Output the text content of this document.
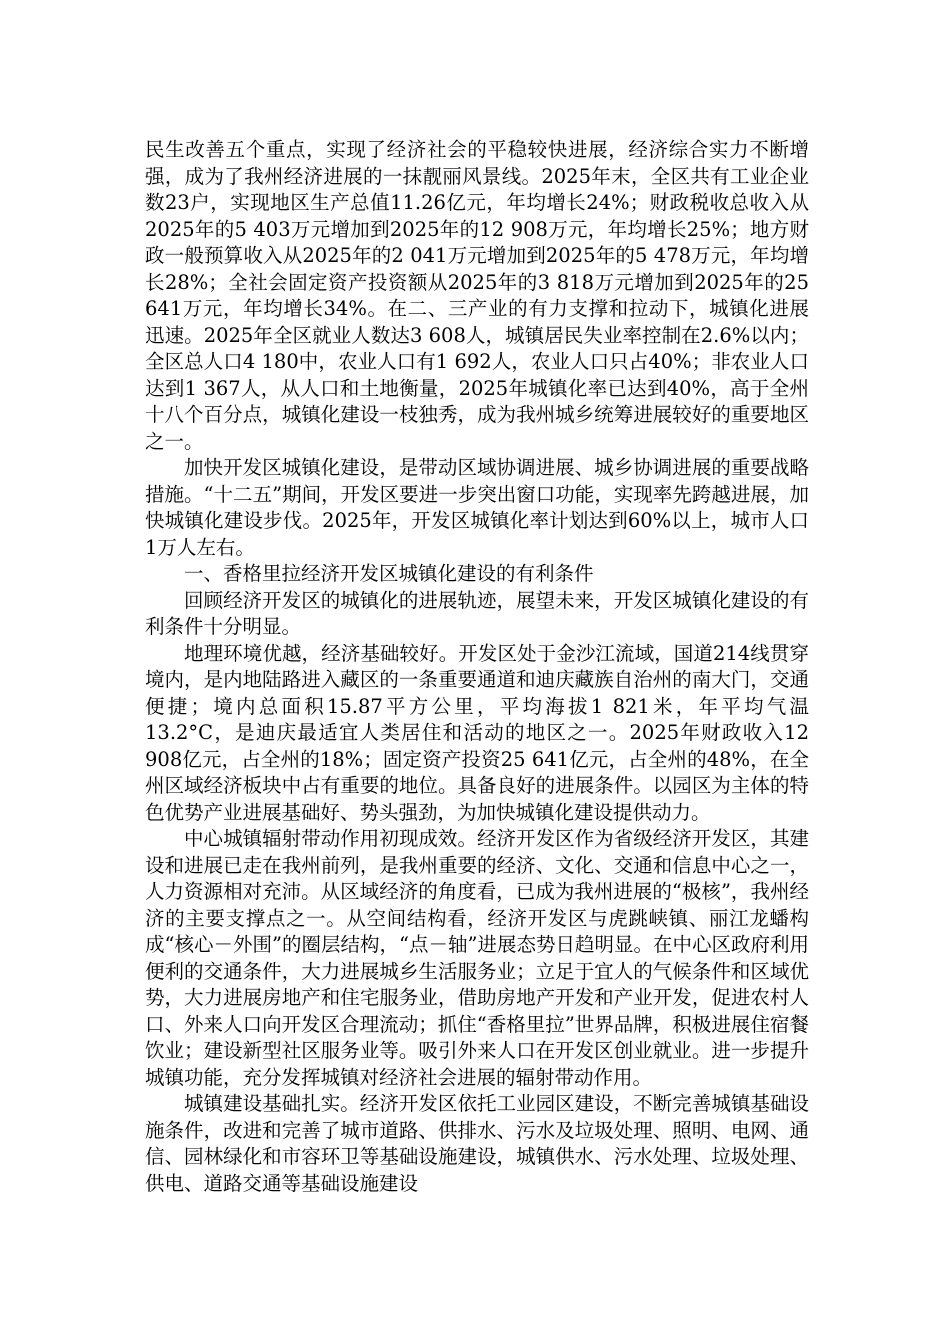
民生改善五个重点，实现了经济社会的平稳较快进展，经济综合实力不断增强，成为了我州经济进展的一抹靓丽风景线。2025年末，全区共有工业企业数23户，实现地区生产总值11.26亿元，年均增长24%；财政税收总收入从2025年的5 403万元增加到2025年的12 908万元，年均增长25%；地方财政一般预算收入从2025年的2 041万元增加到2025年的5 478万元，年均增长28%；全社会固定资产投资额从2025年的3 818万元增加到2025年的25 641万元，年均增长34%。在二、三产业的有力支撑和拉动下，城镇化进展迅速。2025年全区就业人数达3 608人，城镇居民失业率控制在2.6%以内；全区总人口4 180中，农业人口有1 692人，农业人口只占40%；非农业人口达到1 367人，从人口和土地衡量，2025年城镇化率已达到40%，高于全州十八个百分点，城镇化建设一枝独秀，成为我州城乡统筹进展较好的重要地区之一。

加快开发区城镇化建设，是带动区域协调进展、城乡协调进展的重要战略措施。“十二五”期间，开发区要进一步突出窗口功能，实现率先跨越进展，加快城镇化建设步伐。2025年，开发区城镇化率计划达到60%以上，城市人口1万人左右。

一、香格里拉经济开发区城镇化建设的有利条件

回顾经济开发区的城镇化的进展轨迹，展望未来，开发区城镇化建设的有利条件十分明显。

地理环境优越，经济基础较好。开发区处于金沙江流域，国道214线贯穿境内，是内地陆路进入藏区的一条重要通道和迪庆藏族自治州的南大门，交通便捷；境内总面积15.87平方公里，平均海拔1 821米，年平均气温13.2°C，是迪庆最适宜人类居住和活动的地区之一。2025年财政收入12 908亿元，占全州的18%；固定资产投资25 641亿元，占全州的48%，在全州区域经济板块中占有重要的地位。具备良好的进展条件。以园区为主体的特色优势产业进展基础好、势头强劲，为加快城镇化建设提供动力。

中心城镇辐射带动作用初现成效。经济开发区作为省级经济开发区，其建设和进展已走在我州前列，是我州重要的经济、文化、交通和信息中心之一，人力资源相对充沛。从区域经济的角度看，已成为我州进展的“极核”，我州经济的主要支撑点之一。从空间结构看，经济开发区与虎跳峡镇、丽江龙蟠构成“核心－外围”的圈层结构，“点－轴”进展态势日趋明显。在中心区政府利用便利的交通条件，大力进展城乡生活服务业；立足于宜人的气候条件和区域优势，大力进展房地产和住宅服务业，借助房地产开发和产业开发，促进农村人口、外来人口向开发区合理流动；抓住“香格里拉”世界品牌，积极进展住宿餐饮业；建设新型社区服务业等。吸引外来人口在开发区创业就业。进一步提升城镇功能，充分发挥城镇对经济社会进展的辐射带动作用。

城镇建设基础扎实。经济开发区依托工业园区建设，不断完善城镇基础设施条件，改进和完善了城市道路、供排水、污水及垃圾处理、照明、电网、通信、园林绿化和市容环卫等基础设施建设，城镇供水、污水处理、垃圾处理、供电、道路交通等基础设施建设
